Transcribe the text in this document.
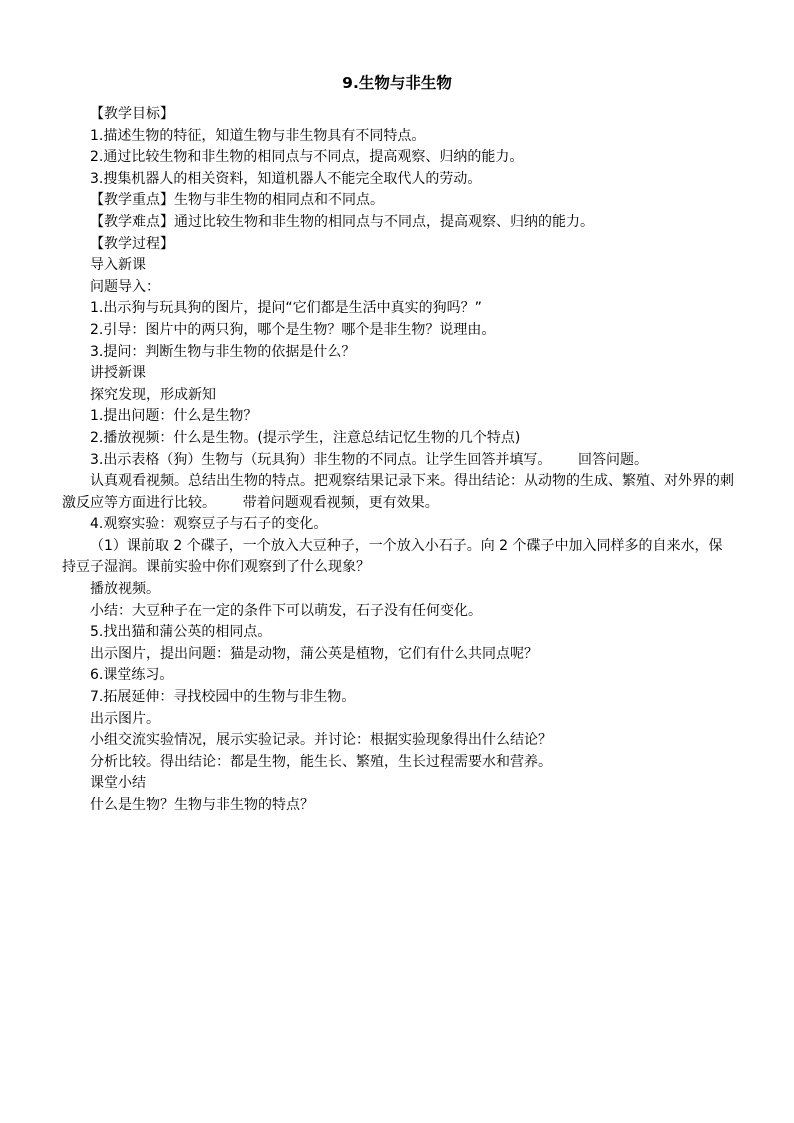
9.生物与非生物

【教学目标】

1.描述生物的特征，知道生物与非生物具有不同特点。

2.通过比较生物和非生物的相同点与不同点，提高观察、归纳的能力。

3.搜集机器人的相关资料，知道机器人不能完全取代人的劳动。

【教学重点】生物与非生物的相同点和不同点。

【教学难点】通过比较生物和非生物的相同点与不同点，提高观察、归纳的能力。

【教学过程】

导入新课

问题导入：

1.出示狗与玩具狗的图片，提问“它们都是生活中真实的狗吗？”

2.引导：图片中的两只狗，哪个是生物？哪个是非生物？说理由。

3.提问：判断生物与非生物的依据是什么？

讲授新课

探究发现，形成新知

1.提出问题：什么是生物？

2.播放视频：什么是生物。(提示学生，注意总结记忆生物的几个特点)

3.出示表格（狗）生物与（玩具狗）非生物的不同点。让学生回答并填写。      回答问题。

认真观看视频。总结出生物的特点。把观察结果记录下来。得出结论：从动物的生成、繁殖、对外界的刺激反应等方面进行比较。      带着问题观看视频，更有效果。

4.观察实验：观察豆子与石子的变化。

（1）课前取 2 个碟子，一个放入大豆种子，一个放入小石子。向 2 个碟子中加入同样多的自来水，保持豆子湿润。课前实验中你们观察到了什么现象？

播放视频。

小结：大豆种子在一定的条件下可以萌发，石子没有任何变化。

5.找出猫和蒲公英的相同点。

出示图片，提出问题：猫是动物，蒲公英是植物，它们有什么共同点呢？

6.课堂练习。

7.拓展延伸：寻找校园中的生物与非生物。

出示图片。

小组交流实验情况，展示实验记录。并讨论：根据实验现象得出什么结论？

分析比较。得出结论：都是生物，能生长、繁殖，生长过程需要水和营养。

课堂小结

什么是生物？生物与非生物的特点？
